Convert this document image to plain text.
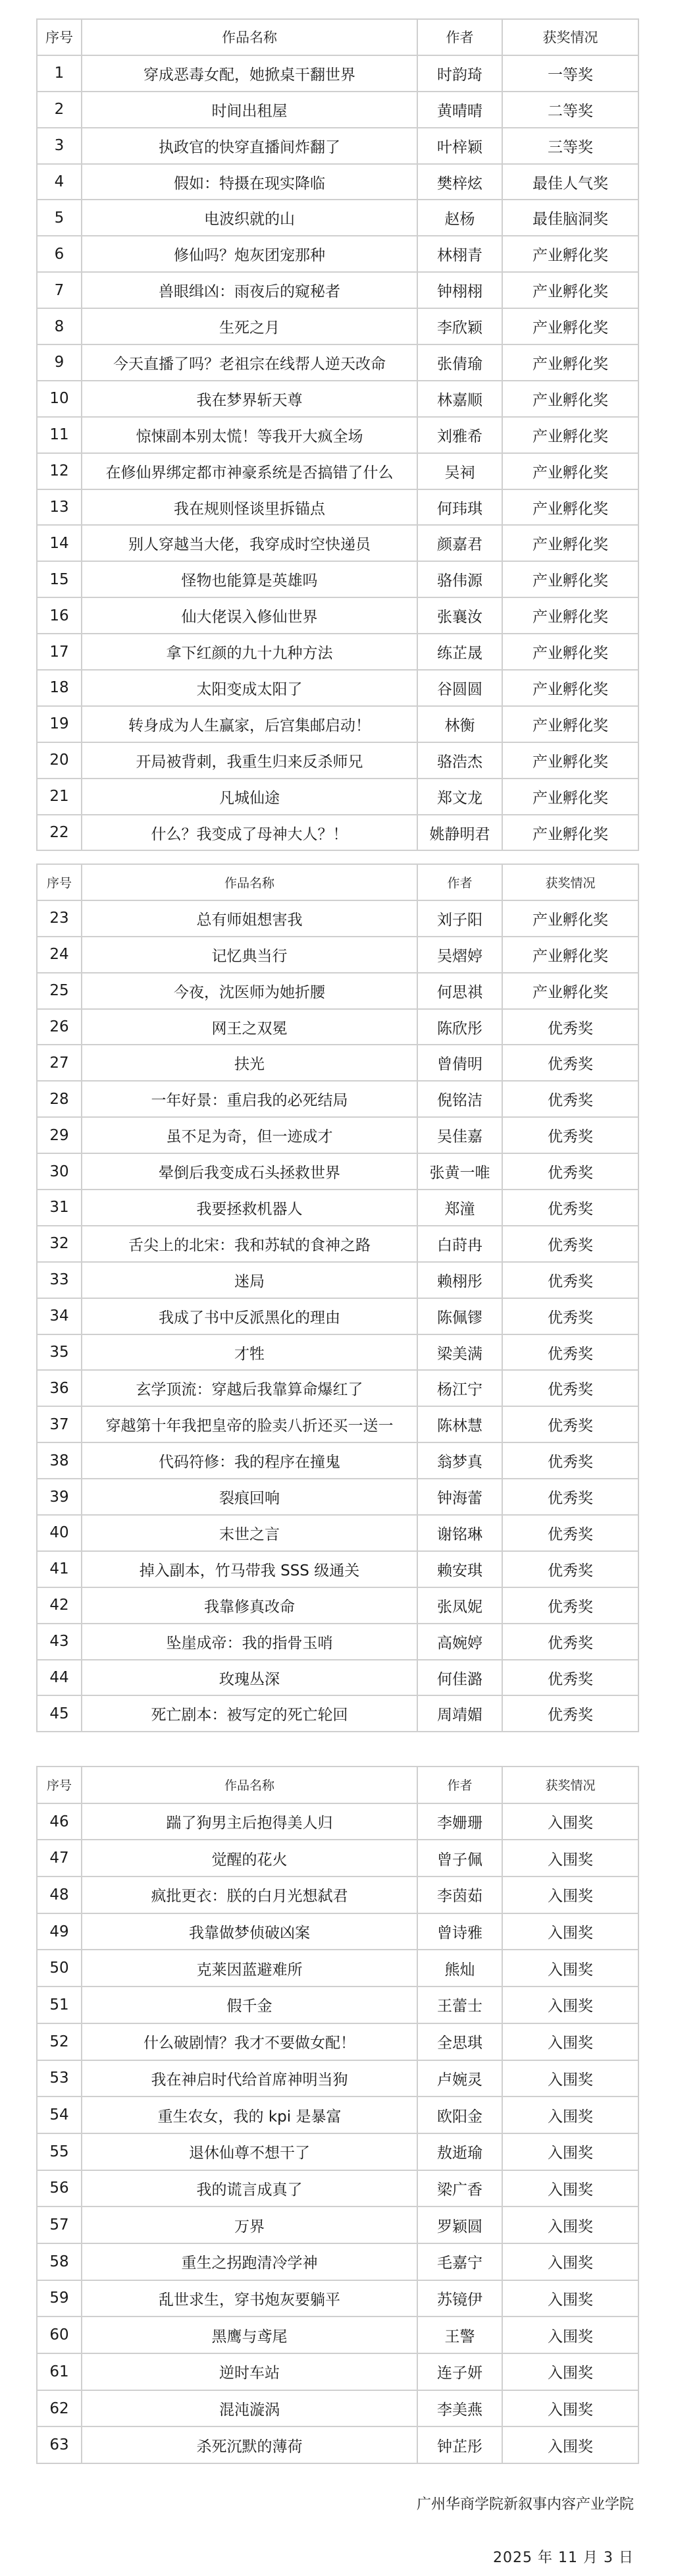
序号	作品名称	作者	获奖情况
1	穿成恶毒女配，她掀桌干翻世界	时韵琦	一等奖
2	时间出租屋	黄晴晴	二等奖
3	执政官的快穿直播间炸翻了	叶梓颖	三等奖
4	假如：特摄在现实降临	樊梓炫	最佳人气奖
5	电波织就的山	赵杨	最佳脑洞奖
6	修仙吗？炮灰团宠那种	林栩青	产业孵化奖
7	兽眼缉凶：雨夜后的窥秘者	钟栩栩	产业孵化奖
8	生死之月	李欣颖	产业孵化奖
9	今天直播了吗？老祖宗在线帮人逆天改命	张倩瑜	产业孵化奖
10	我在梦界斩天尊	林嘉顺	产业孵化奖
11	惊悚副本别太慌！等我开大疯全场	刘雅希	产业孵化奖
12	在修仙界绑定都市神豪系统是否搞错了什么	吴祠	产业孵化奖
13	我在规则怪谈里拆锚点	何玮琪	产业孵化奖
14	别人穿越当大佬，我穿成时空快递员	颜嘉君	产业孵化奖
15	怪物也能算是英雄吗	骆伟源	产业孵化奖
16	仙大佬误入修仙世界	张襄汝	产业孵化奖
17	拿下红颜的九十九种方法	练芷晟	产业孵化奖
18	太阳变成太阳了	谷圆圆	产业孵化奖
19	转身成为人生赢家，后宫集邮启动！	林衡	产业孵化奖
20	开局被背刺，我重生归来反杀师兄	骆浩杰	产业孵化奖
21	凡城仙途	郑文龙	产业孵化奖
22	什么？我变成了母神大人？！	姚静明君	产业孵化奖
序号	作品名称	作者	获奖情况
23	总有师姐想害我	刘子阳	产业孵化奖
24	记忆典当行	吴熠婷	产业孵化奖
25	今夜，沈医师为她折腰	何思祺	产业孵化奖
26	网王之双冕	陈欣彤	优秀奖
27	扶光	曾倩明	优秀奖
28	一年好景：重启我的必死结局	倪铭洁	优秀奖
29	虽不足为奇，但一迹成才	吴佳嘉	优秀奖
30	晕倒后我变成石头拯救世界	张黄一唯	优秀奖
31	我要拯救机器人	郑潼	优秀奖
32	舌尖上的北宋：我和苏轼的食神之路	白莳冉	优秀奖
33	迷局	赖栩彤	优秀奖
34	我成了书中反派黑化的理由	陈佩镠	优秀奖
35	才牲	梁美满	优秀奖
36	玄学顶流：穿越后我靠算命爆红了	杨江宁	优秀奖
37	穿越第十年我把皇帝的脸卖八折还买一送一	陈林慧	优秀奖
38	代码符修：我的程序在撞鬼	翁梦真	优秀奖
39	裂痕回响	钟海蕾	优秀奖
40	末世之言	谢铭琳	优秀奖
41	掉入副本，竹马带我 SSS 级通关	赖安琪	优秀奖
42	我靠修真改命	张凤妮	优秀奖
43	坠崖成帝：我的指骨玉哨	高婉婷	优秀奖
44	玫瑰丛深	何佳潞	优秀奖
45	死亡剧本：被写定的死亡轮回	周靖媚	优秀奖
序号	作品名称	作者	获奖情况
46	踹了狗男主后抱得美人归	李姗珊	入围奖
47	觉醒的花火	曾子佩	入围奖
48	疯批更衣：朕的白月光想弑君	李茵茹	入围奖
49	我靠做梦侦破凶案	曾诗雅	入围奖
50	克莱因蓝避难所	熊灿	入围奖
51	假千金	王蕾士	入围奖
52	什么破剧情？我才不要做女配！	全思琪	入围奖
53	我在神启时代给首席神明当狗	卢婉灵	入围奖
54	重生农女，我的 kpi 是暴富	欧阳金	入围奖
55	退休仙尊不想干了	敖逝瑜	入围奖
56	我的谎言成真了	梁广香	入围奖
57	万界	罗颖圆	入围奖
58	重生之拐跑清冷学神	毛嘉宁	入围奖
59	乱世求生，穿书炮灰要躺平	苏镜伊	入围奖
60	黑鹰与鸢尾	王警	入围奖
61	逆时车站	连子妍	入围奖
62	混沌漩涡	李美燕	入围奖
63	杀死沉默的薄荷	钟芷彤	入围奖
广州华商学院新叙事内容产业学院
2025 年 11 月 3 日
